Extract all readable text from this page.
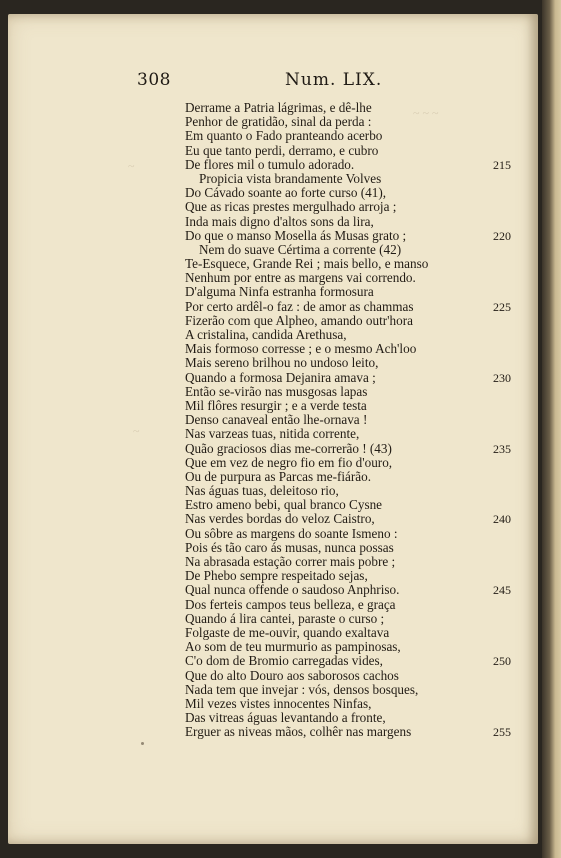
~ ~ ~
~
~
308	Num. LIX.
Derrame a Patria lágrimas, e dê-lhe
Penhor de gratidão, sinal da perda :
Em quanto o Fado pranteando acerbo
Eu que tanto perdi, derramo, e cubro
De flores mil o tumulo adorado.	215
Propicia vista brandamente Volves
Do Cávado soante ao forte curso (41),
Que as ricas prestes mergulhado arroja ;
Inda mais digno d'altos sons da lira,
Do que o manso Mosella ás Musas grato ;	220
Nem do suave Cértima a corrente (42)
Te-Esquece, Grande Rei ; mais bello, e manso
Nenhum por entre as margens vai correndo.
D'alguma Ninfa estranha formosura
Por certo ardêl-o faz : de amor as chammas	225
Fizerão com que Alpheo, amando outr'hora
A cristalina, candida Arethusa,
Mais formoso corresse ; e o mesmo Ach'loo
Mais sereno brilhou no undoso leito,
Quando a formosa Dejanira amava ;	230
Então se-virão nas musgosas lapas
Mil flôres resurgir ; e a verde testa
Denso canaveal então lhe-ornava !
Nas varzeas tuas, nitida corrente,
Quão graciosos dias me-correrão ! (43)	235
Que em vez de negro fio em fio d'ouro,
Ou de purpura as Parcas me-fiárão.
Nas águas tuas, deleitoso rio,
Estro ameno bebi, qual branco Cysne
Nas verdes bordas do veloz Caistro,	240
Ou sôbre as margens do soante Ismeno :
Pois és tão caro ás musas, nunca possas
Na abrasada estação correr mais pobre ;
De Phebo sempre respeitado sejas,
Qual nunca offende o saudoso Anphriso.	245
Dos ferteis campos teus belleza, e graça
Quando á lira cantei, paraste o curso ;
Folgaste de me-ouvir, quando exaltava
Ao som de teu murmurio as pampinosas,
C'o dom de Bromio carregadas vides,	250
Que do alto Douro aos saborosos cachos
Nada tem que invejar : vós, densos bosques,
Mil vezes vistes innocentes Ninfas,
Das vitreas águas levantando a fronte,
Erguer as niveas mãos, colhêr nas margens	255
